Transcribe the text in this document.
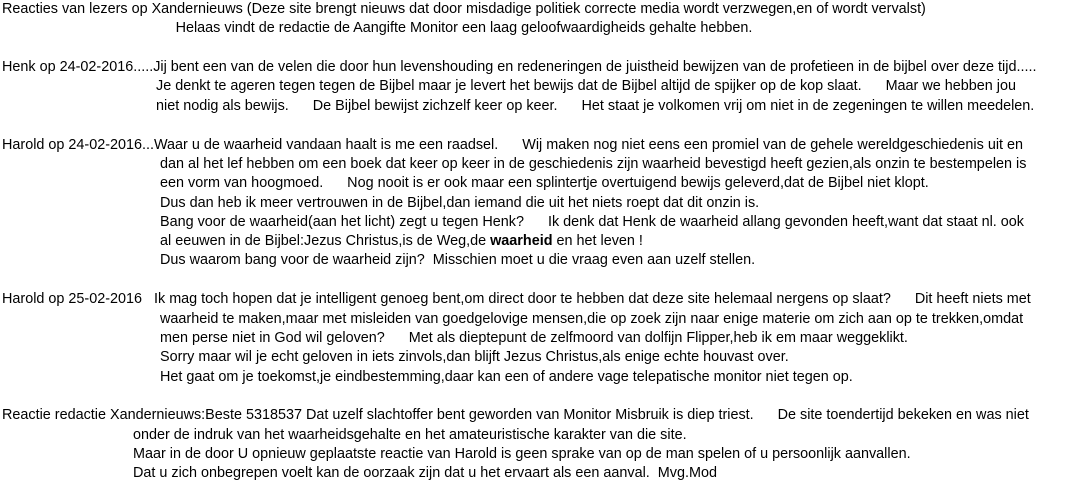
Reacties van lezers op Xandernieuws (Deze site brengt nieuws dat door misdadige politiek correcte media wordt verzwegen,en of wordt vervalst)
Helaas vindt de redactie de Aangifte Monitor een laag geloofwaardigheids gehalte hebben.
Henk op 24-02-2016.....Jij bent een van de velen die door hun levenshouding en redeneringen de juistheid bewijzen van de profetieen in de bijbel over deze tijd.....
Je denkt te ageren tegen tegen de Bijbel maar je levert het bewijs dat de Bijbel altijd de spijker op de kop slaat.      Maar we hebben jou
niet nodig als bewijs.      De Bijbel bewijst zichzelf keer op keer.      Het staat je volkomen vrij om niet in de zegeningen te willen meedelen.
Harold op 24-02-2016...Waar u de waarheid vandaan haalt is me een raadsel.      Wij maken nog niet eens een promiel van de gehele wereldgeschiedenis uit en
dan al het lef hebben om een boek dat keer op keer in de geschiedenis zijn waarheid bevestigd heeft gezien,als onzin te bestempelen is
een vorm van hoogmoed.      Nog nooit is er ook maar een splintertje overtuigend bewijs geleverd,dat de Bijbel niet klopt.
Dus dan heb ik meer vertrouwen in de Bijbel,dan iemand die uit het niets roept dat dit onzin is.
Bang voor de waarheid(aan het licht) zegt u tegen Henk?      Ik denk dat Henk de waarheid allang gevonden heeft,want dat staat nl. ook
al eeuwen in de Bijbel:Jezus Christus,is de Weg,de waarheid en het leven !
Dus waarom bang voor de waarheid zijn?  Misschien moet u die vraag even aan uzelf stellen.
Harold op 25-02-2016   Ik mag toch hopen dat je intelligent genoeg bent,om direct door te hebben dat deze site helemaal nergens op slaat?      Dit heeft niets met
waarheid te maken,maar met misleiden van goedgelovige mensen,die op zoek zijn naar enige materie om zich aan op te trekken,omdat
men perse niet in God wil geloven?      Met als dieptepunt de zelfmoord van dolfijn Flipper,heb ik em maar weggeklikt.
Sorry maar wil je echt geloven in iets zinvols,dan blijft Jezus Christus,als enige echte houvast over.
Het gaat om je toekomst,je eindbestemming,daar kan een of andere vage telepatische monitor niet tegen op.
Reactie redactie Xandernieuws:Beste 5318537 Dat uzelf slachtoffer bent geworden van Monitor Misbruik is diep triest.      De site toendertijd bekeken en was niet
onder de indruk van het waarheidsgehalte en het amateuristische karakter van die site.
Maar in de door U opnieuw geplaatste reactie van Harold is geen sprake van op de man spelen of u persoonlijk aanvallen.
Dat u zich onbegrepen voelt kan de oorzaak zijn dat u het ervaart als een aanval.  Mvg.Mod
